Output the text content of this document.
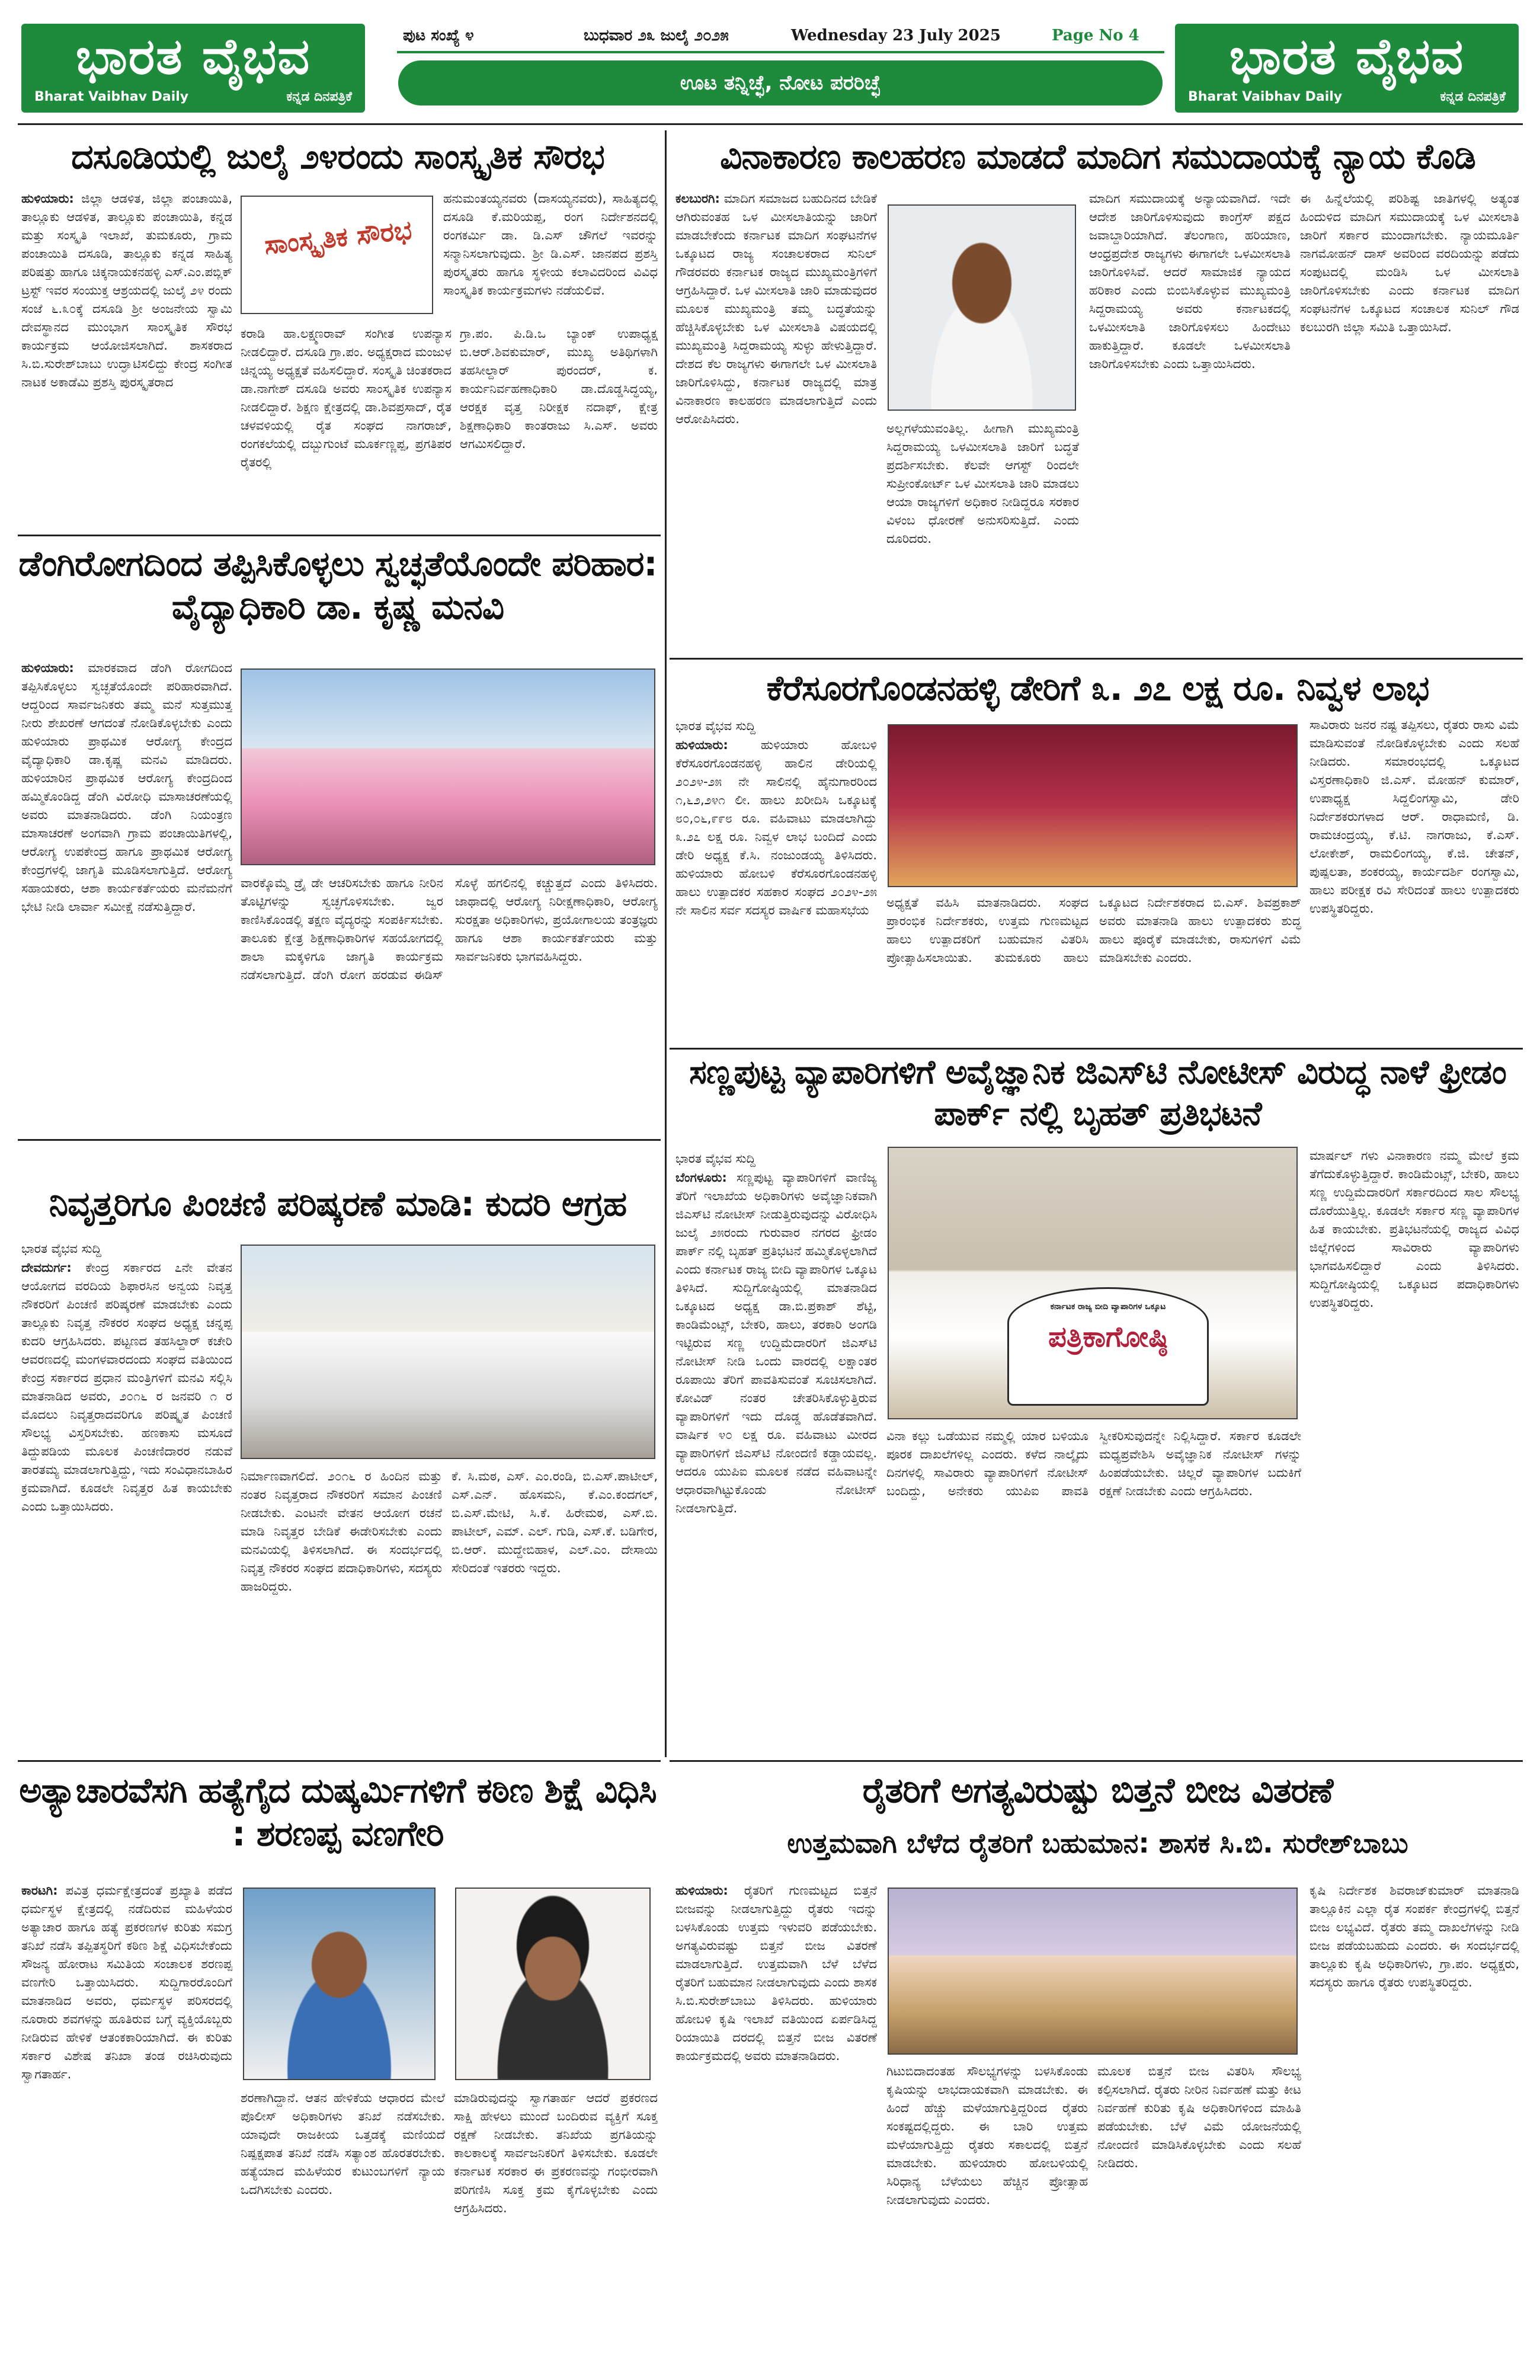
ಭಾರತ ವೈಭವ
Bharat Vaibhav Daily	ಕನ್ನಡ ದಿನಪತ್ರಿಕೆ
ಭಾರತ ವೈಭವ
Bharat Vaibhav Daily	ಕನ್ನಡ ದಿನಪತ್ರಿಕೆ
ಪುಟ ಸಂಖ್ಯೆ ೪	ಬುಧವಾರ ೨೩ ಜುಲೈ ೨೦೨೫	Wednesday 23 July 2025	Page No 4
ಊಟ ತನ್ನಿಚ್ಛೆ, ನೋಟ ಪರರಿಚ್ಛೆ
ದಸೂಡಿಯಲ್ಲಿ ಜುಲೈ ೨೪ರಂದು ಸಾಂಸ್ಕೃತಿಕ ಸೌರಭ
ಹುಳಿಯಾರು: ಜಿಲ್ಲಾ ಆಡಳಿತ, ಜಿಲ್ಲಾ ಪಂಚಾಯಿತಿ, ತಾಲ್ಲೂಕು ಆಡಳಿತ, ತಾಲ್ಲೂಕು ಪಂಚಾಯಿತಿ, ಕನ್ನಡ ಮತ್ತು ಸಂಸ್ಕೃತಿ ಇಲಾಖೆ, ತುಮಕೂರು, ಗ್ರಾಮ ಪಂಚಾಯಿತಿ ದಸೂಡಿ, ತಾಲ್ಲೂಕು ಕನ್ನಡ ಸಾಹಿತ್ಯ ಪರಿಷತ್ತು ಹಾಗೂ ಚಿಕ್ಕನಾಯಕನಹಳ್ಳಿ ಎಸ್.ಎಂ.ಪಬ್ಲಿಕ್ ಟ್ರಸ್ಟ್ ಇವರ ಸಂಯುಕ್ತ ಆಶ್ರಯದಲ್ಲಿ ಜುಲೈ ೨೪ ರಂದು ಸಂಜೆ ೬.೩೦ಕ್ಕೆ ದಸೂಡಿ ಶ್ರೀ ಅಂಜನೇಯ ಸ್ವಾಮಿ ದೇವಸ್ಥಾನದ ಮುಂಭಾಗ ಸಾಂಸ್ಕೃತಿಕ ಸೌರಭ ಕಾರ್ಯಕ್ರಮ ಆಯೋಜಿಸಲಾಗಿದೆ. ಶಾಸಕರಾದ ಸಿ.ಬಿ.ಸುರೇಶ್‌ಬಾಬು ಉದ್ಘಾಟಿಸಲಿದ್ದು ಕೇಂದ್ರ ಸಂಗೀತ ನಾಟಕ ಅಕಾಡೆಮಿ ಪ್ರಶಸ್ತಿ ಪುರಸ್ಕೃತರಾದ
ಸಾಂಸ್ಕೃತಿಕ ಸೌರಭ
ಹನುಮಂತಯ್ಯನವರು (ದಾಸಯ್ಯನವರು), ಸಾಹಿತ್ಯದಲ್ಲಿ ದಸೂಡಿ ಕೆ.ಮರಿಯಪ್ಪ, ರಂಗ ನಿರ್ದೇಶನದಲ್ಲಿ ರಂಗಕರ್ಮಿ ಡಾ. ಡಿ.ಎಸ್ ಚೌಗಲೆ ಇವರನ್ನು ಸನ್ಮಾನಿಸಲಾಗುವುದು. ಶ್ರೀ ಡಿ.ಎಸ್. ಜಾನಪದ ಪ್ರಶಸ್ತಿ ಪುರಸ್ಕೃತರು ಹಾಗೂ ಸ್ಥಳೀಯ ಕಲಾವಿದರಿಂದ ವಿವಿಧ ಸಾಂಸ್ಕೃತಿಕ ಕಾರ್ಯಕ್ರಮಗಳು ನಡೆಯಲಿವೆ.
ಕರಾಡಿ ಹಾ.ಲಕ್ಷ್ಮಣರಾವ್ ಸಂಗೀತ ಉಪನ್ಯಾಸ ನೀಡಲಿದ್ದಾರೆ. ದಸೂಡಿ ಗ್ರಾ.ಪಂ. ಅಧ್ಯಕ್ಷರಾದ ಮಂಜುಳ ಚಿನ್ನಯ್ಯ ಅಧ್ಯಕ್ಷತೆ ವಹಿಸಲಿದ್ದಾರೆ. ಸಂಸ್ಕೃತಿ ಚಿಂತಕರಾದ ಡಾ.ನಾಗೇಶ್ ದಸೂಡಿ ಅವರು ಸಾಂಸ್ಕೃತಿಕ ಉಪನ್ಯಾಸ ನೀಡಲಿದ್ದಾರೆ. ಶಿಕ್ಷಣ ಕ್ಷೇತ್ರದಲ್ಲಿ ಡಾ.ಶಿವಪ್ರಸಾದ್, ರೈತ ಚಳವಳಿಯಲ್ಲಿ ರೈತ ಸಂಘದ ನಾಗರಾಜ್, ರಂಗಕಲೆಯಲ್ಲಿ ದಬ್ಬುಗುಂಟೆ ಮೂರ್ಕಣ್ಣಪ್ಪ, ಪ್ರಗತಿಪರ ರೈತರಲ್ಲಿ
ಗ್ರಾ.ಪಂ. ಪಿ.ಡಿ.ಒ ಬ್ಯಾಂಕ್ ಉಪಾಧ್ಯಕ್ಷ ಬಿ.ಆರ್.ಶಿವಕುಮಾರ್, ಮುಖ್ಯ ಅತಿಥಿಗಳಾಗಿ ತಹಸೀಲ್ದಾರ್ ಪುರಂದರ್, ಕ. ಕಾರ್ಯನಿರ್ವಹಣಾಧಿಕಾರಿ ಡಾ.ದೊಡ್ಡಸಿದ್ಧಯ್ಯ, ಆರಕ್ಷಕ ವೃತ್ತ ನಿರೀಕ್ಷಕ ನದಾಫ್, ಕ್ಷೇತ್ರ ಶಿಕ್ಷಣಾಧಿಕಾರಿ ಕಾಂತರಾಜು ಸಿ.ಎಸ್. ಅವರು ಆಗಮಿಸಲಿದ್ದಾರೆ.
ವಿನಾಕಾರಣ ಕಾಲಹರಣ ಮಾಡದೆ ಮಾದಿಗ ಸಮುದಾಯಕ್ಕೆ ನ್ಯಾಯ ಕೊಡಿ
ಕಲಬುರಗಿ: ಮಾದಿಗ ಸಮಾಜದ ಬಹುದಿನದ ಬೇಡಿಕೆ ಆಗಿರುವಂತಹ ಒಳ ಮೀಸಲಾತಿಯನ್ನು ಜಾರಿಗೆ ಮಾಡಬೇಕೆಂದು ಕರ್ನಾಟಕ ಮಾದಿಗ ಸಂಘಟನೆಗಳ ಒಕ್ಕೂಟದ ರಾಜ್ಯ ಸಂಚಾಲಕರಾದ ಸುನಿಲ್ ಗೌಡರವರು ಕರ್ನಾಟಕ ರಾಜ್ಯದ ಮುಖ್ಯಮಂತ್ರಿಗಳಿಗೆ ಆಗ್ರಹಿಸಿದ್ದಾರೆ. ಒಳ ಮೀಸಲಾತಿ ಜಾರಿ ಮಾಡುವುದರ ಮೂಲಕ ಮುಖ್ಯಮಂತ್ರಿ ತಮ್ಮ ಬದ್ಧತೆಯನ್ನು ಹೆಚ್ಚಿಸಿಕೊಳ್ಳಬೇಕು ಒಳ ಮೀಸಲಾತಿ ವಿಷಯದಲ್ಲಿ ಮುಖ್ಯಮಂತ್ರಿ ಸಿದ್ದರಾಮಯ್ಯ ಸುಳ್ಳು ಹೇಳುತ್ತಿದ್ದಾರೆ. ದೇಶದ ಕೆಲ ರಾಜ್ಯಗಳು ಈಗಾಗಲೇ ಒಳ ಮೀಸಲಾತಿ ಜಾರಿಗೊಳಿಸಿದ್ದು, ಕರ್ನಾಟಕ ರಾಜ್ಯದಲ್ಲಿ ಮಾತ್ರ ವಿನಾಕಾರಣ ಕಾಲಹರಣ ಮಾಡಲಾಗುತ್ತಿದೆ ಎಂದು ಆರೋಪಿಸಿದರು.
ಅಲ್ಲಗಳೆಯುವಂತಿಲ್ಲ. ಹೀಗಾಗಿ ಮುಖ್ಯಮಂತ್ರಿ ಸಿದ್ದರಾಮಯ್ಯ ಒಳಮೀಸಲಾತಿ ಜಾರಿಗೆ ಬದ್ಧತೆ ಪ್ರದರ್ಶಿಸಬೇಕು. ಕೆಲವೇ ಆಗಸ್ಟ್ ರಿಂದಲೇ ಸುಪ್ರೀಂಕೋರ್ಟ್ ಒಳ ಮೀಸಲಾತಿ ಜಾರಿ ಮಾಡಲು ಆಯಾ ರಾಜ್ಯಗಳಿಗೆ ಅಧಿಕಾರ ನೀಡಿದ್ದರೂ ಸರಕಾರ ವಿಳಂಬ ಧೋರಣೆ ಅನುಸರಿಸುತ್ತಿದೆ. ಎಂದು ದೂರಿದರು.
ಮಾದಿಗ ಸಮುದಾಯಕ್ಕೆ ಅನ್ಯಾಯವಾಗಿದೆ. ಇದೇ ಆದೇಶ ಜಾರಿಗೊಳಿಸುವುದು ಕಾಂಗ್ರೆಸ್ ಪಕ್ಷದ ಜವಾಬ್ದಾರಿಯಾಗಿದೆ. ತೆಲಂಗಾಣ, ಹರಿಯಾಣ, ಆಂಧ್ರಪ್ರದೇಶ ರಾಜ್ಯಗಳು ಈಗಾಗಲೇ ಒಳಮೀಸಲಾತಿ ಜಾರಿಗೊಳಿಸಿವೆ. ಆದರೆ ಸಾಮಾಜಿಕ ನ್ಯಾಯದ ಹರಿಕಾರ ಎಂದು ಬಿಂಬಿಸಿಕೊಳ್ಳುವ ಮುಖ್ಯಮಂತ್ರಿ ಸಿದ್ದರಾಮಯ್ಯ ಅವರು ಕರ್ನಾಟಕದಲ್ಲಿ ಒಳಮೀಸಲಾತಿ ಜಾರಿಗೊಳಿಸಲು ಹಿಂದೇಟು ಹಾಕುತ್ತಿದ್ದಾರೆ. ಕೂಡಲೇ ಒಳಮೀಸಲಾತಿ ಜಾರಿಗೊಳಿಸಬೇಕು ಎಂದು ಒತ್ತಾಯಿಸಿದರು.
ಈ ಹಿನ್ನೆಲೆಯಲ್ಲಿ ಪರಿಶಿಷ್ಟ ಜಾತಿಗಳಲ್ಲಿ ಅತ್ಯಂತ ಹಿಂದುಳಿದ ಮಾದಿಗ ಸಮುದಾಯಕ್ಕೆ ಒಳ ಮೀಸಲಾತಿ ಜಾರಿಗೆ ಸರ್ಕಾರ ಮುಂದಾಗಬೇಕು. ನ್ಯಾಯಮೂರ್ತಿ ನಾಗಮೋಹನ್ ದಾಸ್ ಅವರಿಂದ ವರದಿಯನ್ನು ಪಡೆದು ಸಂಪುಟದಲ್ಲಿ ಮಂಡಿಸಿ ಒಳ ಮೀಸಲಾತಿ ಜಾರಿಗೊಳಿಸಬೇಕು ಎಂದು ಕರ್ನಾಟಕ ಮಾದಿಗ ಸಂಘಟನೆಗಳ ಒಕ್ಕೂಟದ ಸಂಚಾಲಕ ಸುನಿಲ್ ಗೌಡ ಕಲಬುರಗಿ ಜಿಲ್ಲಾ ಸಮಿತಿ ಒತ್ತಾಯಿಸಿದೆ.
ಡೆಂಗಿರೋಗದಿಂದ ತಪ್ಪಿಸಿಕೊಳ್ಳಲು ಸ್ವಚ್ಛತೆಯೊಂದೇ ಪರಿಹಾರ: ವೈದ್ಯಾಧಿಕಾರಿ ಡಾ. ಕೃಷ್ಣ ಮನವಿ
ಹುಳಿಯಾರು: ಮಾರಕವಾದ ಡೆಂಗಿ ರೋಗದಿಂದ ತಪ್ಪಿಸಿಕೊಳ್ಳಲು ಸ್ವಚ್ಛತೆಯೊಂದೇ ಪರಿಹಾರವಾಗಿದೆ. ಆದ್ದರಿಂದ ಸಾರ್ವಜನಿಕರು ತಮ್ಮ ಮನೆ ಸುತ್ತಮುತ್ತ ನೀರು ಶೇಖರಣೆ ಆಗದಂತೆ ನೋಡಿಕೊಳ್ಳಬೇಕು ಎಂದು ಹುಳಿಯಾರು ಪ್ರಾಥಮಿಕ ಆರೋಗ್ಯ ಕೇಂದ್ರದ ವೈದ್ಯಾಧಿಕಾರಿ ಡಾ.ಕೃಷ್ಣ ಮನವಿ ಮಾಡಿದರು. ಹುಳಿಯಾರಿನ ಪ್ರಾಥಮಿಕ ಆರೋಗ್ಯ ಕೇಂದ್ರದಿಂದ ಹಮ್ಮಿಕೊಂಡಿದ್ದ ಡೆಂಗಿ ವಿರೋಧಿ ಮಾಸಾಚರಣೆಯಲ್ಲಿ ಅವರು ಮಾತನಾಡಿದರು. ಡೆಂಗಿ ನಿಯಂತ್ರಣ ಮಾಸಾಚರಣೆ ಅಂಗವಾಗಿ ಗ್ರಾಮ ಪಂಚಾಯಿತಿಗಳಲ್ಲಿ, ಆರೋಗ್ಯ ಉಪಕೇಂದ್ರ ಹಾಗೂ ಪ್ರಾಥಮಿಕ ಆರೋಗ್ಯ ಕೇಂದ್ರಗಳಲ್ಲಿ ಜಾಗೃತಿ ಮೂಡಿಸಲಾಗುತ್ತಿದೆ. ಆರೋಗ್ಯ ಸಹಾಯಕರು, ಆಶಾ ಕಾರ್ಯಕರ್ತೆಯರು ಮನೆಮನೆಗೆ ಭೇಟಿ ನೀಡಿ ಲಾರ್ವಾ ಸಮೀಕ್ಷೆ ನಡೆಸುತ್ತಿದ್ದಾರೆ.
ವಾರಕ್ಕೊಮ್ಮೆ ಡ್ರೈ ಡೇ ಆಚರಿಸಬೇಕು ಹಾಗೂ ನೀರಿನ ತೊಟ್ಟಿಗಳನ್ನು ಸ್ವಚ್ಛಗೊಳಿಸಬೇಕು. ಜ್ವರ ಕಾಣಿಸಿಕೊಂಡಲ್ಲಿ ತಕ್ಷಣ ವೈದ್ಯರನ್ನು ಸಂಪರ್ಕಿಸಬೇಕು. ತಾಲೂಕು ಕ್ಷೇತ್ರ ಶಿಕ್ಷಣಾಧಿಕಾರಿಗಳ ಸಹಯೋಗದಲ್ಲಿ ಶಾಲಾ ಮಕ್ಕಳಿಗೂ ಜಾಗೃತಿ ಕಾರ್ಯಕ್ರಮ ನಡೆಸಲಾಗುತ್ತಿದೆ. ಡೆಂಗಿ ರೋಗ ಹರಡುವ ಈಡಿಸ್ ಸೊಳ್ಳೆ ಹಗಲಿನಲ್ಲಿ ಕಚ್ಚುತ್ತದೆ ಎಂದು ತಿಳಿಸಿದರು. ಜಾಥಾದಲ್ಲಿ ಆರೋಗ್ಯ ನಿರೀಕ್ಷಣಾಧಿಕಾರಿ, ಆರೋಗ್ಯ ಸುರಕ್ಷತಾ ಅಧಿಕಾರಿಗಳು, ಪ್ರಯೋಗಾಲಯ ತಂತ್ರಜ್ಞರು ಹಾಗೂ ಆಶಾ ಕಾರ್ಯಕರ್ತೆಯರು ಮತ್ತು ಸಾರ್ವಜನಿಕರು ಭಾಗವಹಿಸಿದ್ದರು.
ಕೆರೆಸೂರಗೊಂಡನಹಳ್ಳಿ ಡೇರಿಗೆ ೩. ೨೭ ಲಕ್ಷ ರೂ. ನಿವ್ವಳ ಲಾಭ
ಭಾರತ ವೈಭವ ಸುದ್ದಿ
ಹುಳಿಯಾರು:	ಹುಳಿಯಾರು ಹೋಬಳಿ ಕೆರೆಸೂರಗೊಂಡನಹಳ್ಳಿ ಹಾಲಿನ ಡೇರಿಯಲ್ಲಿ ೨೦೨೪-೨೫ ನೇ ಸಾಲಿನಲ್ಲಿ ಹೈನುಗಾರರಿಂದ ೧,೬೨,೨೪೧ ಲೀ. ಹಾಲು ಖರೀದಿಸಿ ಒಕ್ಕೂಟಕ್ಕೆ ೮೦,೦೬,೯೯೮ ರೂ. ವಹಿವಾಟು ಮಾಡಲಾಗಿದ್ದು ೩.೨೭ ಲಕ್ಷ ರೂ. ನಿವ್ವಳ ಲಾಭ ಬಂದಿದೆ ಎಂದು ಡೇರಿ ಅಧ್ಯಕ್ಷ ಕೆ.ಸಿ. ನಂಜುಂಡಯ್ಯ ತಿಳಿಸಿದರು. ಹುಳಿಯಾರು ಹೋಬಳಿ ಕೆರೆಸೂರಗೊಂಡನಹಳ್ಳಿ ಹಾಲು ಉತ್ಪಾದಕರ ಸಹಕಾರ ಸಂಘದ ೨೦೨೪-೨೫ ನೇ ಸಾಲಿನ ಸರ್ವ ಸದಸ್ಯರ ವಾರ್ಷಿಕ ಮಹಾಸಭೆಯ
ಅಧ್ಯಕ್ಷತೆ ವಹಿಸಿ ಮಾತನಾಡಿದರು. ಸಂಘದ ಪ್ರಾರಂಭಿಕ ನಿರ್ದೇಶಕರು, ಉತ್ತಮ ಗುಣಮಟ್ಟದ ಹಾಲು ಉತ್ಪಾದಕರಿಗೆ ಬಹುಮಾನ ವಿತರಿಸಿ ಪ್ರೋತ್ಸಾಹಿಸಲಾಯಿತು. ತುಮಕೂರು ಹಾಲು ಒಕ್ಕೂಟದ ನಿರ್ದೇಶಕರಾದ ಬಿ.ಎಸ್. ಶಿವಪ್ರಕಾಶ್ ಅವರು ಮಾತನಾಡಿ ಹಾಲು ಉತ್ಪಾದಕರು ಶುದ್ಧ ಹಾಲು ಪೂರೈಕೆ ಮಾಡಬೇಕು, ರಾಸುಗಳಿಗೆ ವಿಮೆ ಮಾಡಿಸಬೇಕು ಎಂದರು.
ಸಾವಿರಾರು ಜನರ ನಷ್ಟ ತಪ್ಪಿಸಲು, ರೈತರು ರಾಸು ವಿಮೆ ಮಾಡಿಸುವಂತೆ ನೋಡಿಕೊಳ್ಳಬೇಕು ಎಂದು ಸಲಹೆ ನೀಡಿದರು. ಸಮಾರಂಭದಲ್ಲಿ ಒಕ್ಕೂಟದ ವಿಸ್ತರಣಾಧಿಕಾರಿ ಜಿ.ಎಸ್. ಮೋಹನ್ ಕುಮಾರ್, ಉಪಾಧ್ಯಕ್ಷ ಸಿದ್ದಲಿಂಗಸ್ವಾಮಿ, ಡೇರಿ ನಿರ್ದೇಶಕರುಗಳಾದ ಆರ್. ರಾಧಾಮಣಿ, ಡಿ. ರಾಮಚಂದ್ರಯ್ಯ, ಕೆ.ಟಿ. ನಾಗರಾಜು, ಕೆ.ಎಸ್. ಲೋಕೇಶ್, ರಾಮಲಿಂಗಯ್ಯ, ಕೆ.ಜಿ. ಚೇತನ್, ಪುಷ್ಪಲತಾ, ಶಂಕರಯ್ಯ, ಕಾರ್ಯದರ್ಶಿ ರಂಗಸ್ವಾಮಿ, ಹಾಲು ಪರೀಕ್ಷಕ ರವಿ ಸೇರಿದಂತೆ ಹಾಲು ಉತ್ಪಾದಕರು ಉಪಸ್ಥಿತರಿದ್ದರು.
ಸಣ್ಣಪುಟ್ಟ ವ್ಯಾಪಾರಿಗಳಿಗೆ ಅವೈಜ್ಞಾನಿಕ ಜಿಎಸ್‌ಟಿ ನೋಟೀಸ್ ವಿರುದ್ಧ ನಾಳೆ ಫ್ರೀಡಂ ಪಾರ್ಕ್ ನಲ್ಲಿ ಬೃಹತ್ ಪ್ರತಿಭಟನೆ
ಭಾರತ ವೈಭವ ಸುದ್ದಿ
ಬೆಂಗಳೂರು: ಸಣ್ಣಪುಟ್ಟ ವ್ಯಾಪಾರಿಗಳಿಗೆ ವಾಣಿಜ್ಯ ತೆರಿಗೆ ಇಲಾಖೆಯ ಅಧಿಕಾರಿಗಳು ಅವೈಜ್ಞಾನಿಕವಾಗಿ ಜಿಎಸ್‌ಟಿ ನೋಟೀಸ್ ನೀಡುತ್ತಿರುವುದನ್ನು ವಿರೋಧಿಸಿ ಜುಲೈ ೨೫ರಂದು ಗುರುವಾರ ನಗರದ ಫ್ರೀಡಂ ಪಾರ್ಕ್ ನಲ್ಲಿ ಬೃಹತ್ ಪ್ರತಿಭಟನೆ ಹಮ್ಮಿಕೊಳ್ಳಲಾಗಿದೆ ಎಂದು ಕರ್ನಾಟಕ ರಾಜ್ಯ ಬೀದಿ ವ್ಯಾಪಾರಿಗಳ ಒಕ್ಕೂಟ ತಿಳಿಸಿದೆ. ಸುದ್ದಿಗೋಷ್ಠಿಯಲ್ಲಿ ಮಾತನಾಡಿದ ಒಕ್ಕೂಟದ ಅಧ್ಯಕ್ಷ ಡಾ.ಬಿ.ಪ್ರಕಾಶ್ ಶೆಟ್ಟಿ, ಕಾಂಡಿಮೆಂಟ್ಸ್, ಬೇಕರಿ, ಹಾಲು, ತರಕಾರಿ ಅಂಗಡಿ ಇಟ್ಟಿರುವ ಸಣ್ಣ ಉದ್ದಿಮೆದಾರರಿಗೆ ಜಿಎಸ್‌ಟಿ ನೋಟೀಸ್ ನೀಡಿ ಒಂದು ವಾರದಲ್ಲಿ ಲಕ್ಷಾಂತರ ರೂಪಾಯಿ ತೆರಿಗೆ ಪಾವತಿಸುವಂತೆ ಸೂಚಿಸಲಾಗಿದೆ. ಕೋವಿಡ್ ನಂತರ ಚೇತರಿಸಿಕೊಳ್ಳುತ್ತಿರುವ ವ್ಯಾಪಾರಿಗಳಿಗೆ ಇದು ದೊಡ್ಡ ಹೊಡೆತವಾಗಿದೆ. ವಾರ್ಷಿಕ ೪೦ ಲಕ್ಷ ರೂ. ವಹಿವಾಟು ಮೀರದ ವ್ಯಾಪಾರಿಗಳಿಗೆ ಜಿಎಸ್‌ಟಿ ನೋಂದಣಿ ಕಡ್ಡಾಯವಲ್ಲ. ಆದರೂ ಯುಪಿಐ ಮೂಲಕ ನಡೆದ ವಹಿವಾಟನ್ನೇ ಆಧಾರವಾಗಿಟ್ಟುಕೊಂಡು ನೋಟೀಸ್ ನೀಡಲಾಗುತ್ತಿದೆ.
ಕರ್ನಾಟಕ ರಾಜ್ಯ ಬೀದಿ ವ್ಯಾಪಾರಿಗಳ ಒಕ್ಕೂಟ
ಪತ್ರಿಕಾಗೋಷ್ಠಿ
ವಿನಾ ಕಲ್ಲು ಒಡೆಯುವ ನಮ್ಮಲ್ಲಿ ಯಾರ ಬಳಿಯೂ ಪೂರಕ ದಾಖಲೆಗಳಿಲ್ಲ ಎಂದರು. ಕಳೆದ ನಾಲ್ಕೈದು ದಿನಗಳಲ್ಲಿ ಸಾವಿರಾರು ವ್ಯಾಪಾರಿಗಳಿಗೆ ನೋಟೀಸ್ ಬಂದಿದ್ದು, ಅನೇಕರು ಯುಪಿಐ ಪಾವತಿ ಸ್ವೀಕರಿಸುವುದನ್ನೇ ನಿಲ್ಲಿಸಿದ್ದಾರೆ. ಸರ್ಕಾರ ಕೂಡಲೇ ಮಧ್ಯಪ್ರವೇಶಿಸಿ ಅವೈಜ್ಞಾನಿಕ ನೋಟೀಸ್ ಗಳನ್ನು ಹಿಂಪಡೆಯಬೇಕು. ಚಿಲ್ಲರೆ ವ್ಯಾಪಾರಿಗಳ ಬದುಕಿಗೆ ರಕ್ಷಣೆ ನೀಡಬೇಕು ಎಂದು ಆಗ್ರಹಿಸಿದರು.
ಮಾರ್ಷಲ್ ಗಳು ವಿನಾಕಾರಣ ನಮ್ಮ ಮೇಲೆ ಕ್ರಮ ತೆಗೆದುಕೊಳ್ಳುತ್ತಿದ್ದಾರೆ. ಕಾಂಡಿಮೆಂಟ್ಸ್, ಬೇಕರಿ, ಹಾಲು ಸಣ್ಣ ಉದ್ದಿಮೆದಾರರಿಗೆ ಸರ್ಕಾರದಿಂದ ಸಾಲ ಸೌಲಭ್ಯ ದೊರೆಯುತ್ತಿಲ್ಲ. ಕೂಡಲೇ ಸರ್ಕಾರ ಸಣ್ಣ ವ್ಯಾಪಾರಿಗಳ ಹಿತ ಕಾಯಬೇಕು. ಪ್ರತಿಭಟನೆಯಲ್ಲಿ ರಾಜ್ಯದ ವಿವಿಧ ಜಿಲ್ಲೆಗಳಿಂದ ಸಾವಿರಾರು ವ್ಯಾಪಾರಿಗಳು ಭಾಗವಹಿಸಲಿದ್ದಾರೆ ಎಂದು ತಿಳಿಸಿದರು. ಸುದ್ದಿಗೋಷ್ಠಿಯಲ್ಲಿ ಒಕ್ಕೂಟದ ಪದಾಧಿಕಾರಿಗಳು ಉಪಸ್ಥಿತರಿದ್ದರು.
ನಿವೃತ್ತರಿಗೂ ಪಿಂಚಣಿ ಪರಿಷ್ಕರಣೆ ಮಾಡಿ: ಕುದರಿ ಆಗ್ರಹ
ಭಾರತ ವೈಭವ ಸುದ್ದಿ
ದೇವದುರ್ಗ: ಕೇಂದ್ರ ಸರ್ಕಾರದ ೭ನೇ ವೇತನ ಆಯೋಗದ ವರದಿಯ ಶಿಫಾರಸಿನ ಅನ್ವಯ ನಿವೃತ್ತ ನೌಕರರಿಗೆ ಪಿಂಚಣಿ ಪರಿಷ್ಕರಣೆ ಮಾಡಬೇಕು ಎಂದು ತಾಲ್ಲೂಕು ನಿವೃತ್ತ ನೌಕರರ ಸಂಘದ ಅಧ್ಯಕ್ಷ ಚನ್ನಪ್ಪ ಕುದರಿ ಆಗ್ರಹಿಸಿದರು. ಪಟ್ಟಣದ ತಹಸಿಲ್ದಾರ್ ಕಚೇರಿ ಆವರಣದಲ್ಲಿ ಮಂಗಳವಾರದಂದು ಸಂಘದ ವತಿಯಿಂದ ಕೇಂದ್ರ ಸರ್ಕಾರದ ಪ್ರಧಾನ ಮಂತ್ರಿಗಳಿಗೆ ಮನವಿ ಸಲ್ಲಿಸಿ ಮಾತನಾಡಿದ ಅವರು, ೨೦೧೬ ರ ಜನವರಿ ೧ ರ ಮೊದಲು ನಿವೃತ್ತರಾದವರಿಗೂ ಪರಿಷ್ಕೃತ ಪಿಂಚಣಿ ಸೌಲಭ್ಯ ವಿಸ್ತರಿಸಬೇಕು. ಹಣಕಾಸು ಮಸೂದೆ ತಿದ್ದುಪಡಿಯ ಮೂಲಕ ಪಿಂಚಣಿದಾರರ ನಡುವೆ ತಾರತಮ್ಯ ಮಾಡಲಾಗುತ್ತಿದ್ದು, ಇದು ಸಂವಿಧಾನಬಾಹಿರ ಕ್ರಮವಾಗಿದೆ. ಕೂಡಲೇ ನಿವೃತ್ತರ ಹಿತ ಕಾಯಬೇಕು ಎಂದು ಒತ್ತಾಯಿಸಿದರು.
ನಿರ್ಮಾಣವಾಗಲಿದೆ. ೨೦೧೬ ರ ಹಿಂದಿನ ಮತ್ತು ನಂತರ ನಿವೃತ್ತರಾದ ನೌಕರರಿಗೆ ಸಮಾನ ಪಿಂಚಣಿ ನೀಡಬೇಕು. ಎಂಟನೇ ವೇತನ ಆಯೋಗ ರಚನೆ ಮಾಡಿ ನಿವೃತ್ತರ ಬೇಡಿಕೆ ಈಡೇರಿಸಬೇಕು ಎಂದು ಮನವಿಯಲ್ಲಿ ತಿಳಿಸಲಾಗಿದೆ. ಈ ಸಂದರ್ಭದಲ್ಲಿ ನಿವೃತ್ತ ನೌಕರರ ಸಂಘದ ಪದಾಧಿಕಾರಿಗಳು, ಸದಸ್ಯರು ಹಾಜರಿದ್ದರು.
ಕೆ. ಸಿ.ಮಠ, ಎಸ್. ಎಂ.ರಂಡಿ, ಬಿ.ಎಸ್.ಪಾಟೀಲ್, ಎಸ್.ಎನ್. ಹೊಸಮನಿ, ಕೆ.ಎಂ.ಕಂದಗಲ್, ಬಿ.ಎಸ್.ಮೇಟಿ, ಸಿ.ಕೆ. ಹಿರೇಮಠ, ಎಸ್.ಬಿ. ಪಾಟೀಲ್, ಎಮ್. ಎಲ್. ಗುಡಿ, ಎಸ್.ಕೆ. ಬಡಿಗೇರ, ಬಿ.ಆರ್. ಮುದ್ದೇಬಿಹಾಳ, ಎಲ್.ಎಂ. ದೇಸಾಯಿ ಸೇರಿದಂತೆ ಇತರರು ಇದ್ದರು.
ಅತ್ಯಾಚಾರವೆಸಗಿ ಹತ್ಯೆಗೈದ ದುಷ್ಕರ್ಮಿಗಳಿಗೆ ಕಠಿಣ ಶಿಕ್ಷೆ ವಿಧಿಸಿ : ಶರಣಪ್ಪ ವಣಗೇರಿ
ಕಾರಟಗಿ: ಪವಿತ್ರ ಧರ್ಮಕ್ಷೇತ್ರದಂತೆ ಪ್ರಖ್ಯಾತಿ ಪಡೆದ ಧರ್ಮಸ್ಥಳ ಕ್ಷೇತ್ರದಲ್ಲಿ ನಡೆದಿರುವ ಮಹಿಳೆಯರ ಅತ್ಯಾಚಾರ ಹಾಗೂ ಹತ್ಯೆ ಪ್ರಕರಣಗಳ ಕುರಿತು ಸಮಗ್ರ ತನಿಖೆ ನಡೆಸಿ ತಪ್ಪಿತಸ್ಥರಿಗೆ ಕಠಿಣ ಶಿಕ್ಷೆ ವಿಧಿಸಬೇಕೆಂದು ಸೌಜನ್ಯ ಹೋರಾಟ ಸಮಿತಿಯ ಸಂಚಾಲಕ ಶರಣಪ್ಪ ವಣಗೇರಿ ಒತ್ತಾಯಿಸಿದರು. ಸುದ್ದಿಗಾರರೊಂದಿಗೆ ಮಾತನಾಡಿದ ಅವರು, ಧರ್ಮಸ್ಥಳ ಪರಿಸರದಲ್ಲಿ ನೂರಾರು ಶವಗಳನ್ನು ಹೂತಿರುವ ಬಗ್ಗೆ ವ್ಯಕ್ತಿಯೊಬ್ಬರು ನೀಡಿರುವ ಹೇಳಿಕೆ ಆತಂಕಕಾರಿಯಾಗಿದೆ. ಈ ಕುರಿತು ಸರ್ಕಾರ ವಿಶೇಷ ತನಿಖಾ ತಂಡ ರಚಿಸಿರುವುದು ಸ್ವಾಗತಾರ್ಹ.
ಶರಣಾಗಿದ್ದಾನೆ. ಆತನ ಹೇಳಿಕೆಯ ಆಧಾರದ ಮೇಲೆ ಪೊಲೀಸ್ ಅಧಿಕಾರಿಗಳು ತನಿಖೆ ನಡೆಸಬೇಕು. ಯಾವುದೇ ರಾಜಕೀಯ ಒತ್ತಡಕ್ಕೆ ಮಣಿಯದೆ ನಿಷ್ಪಕ್ಷಪಾತ ತನಿಖೆ ನಡೆಸಿ ಸತ್ಯಾಂಶ ಹೊರತರಬೇಕು. ಹತ್ಯೆಯಾದ ಮಹಿಳೆಯರ ಕುಟುಂಬಗಳಿಗೆ ನ್ಯಾಯ ಒದಗಿಸಬೇಕು ಎಂದರು.
ಮಾಡಿರುವುದನ್ನು ಸ್ವಾಗತಾರ್ಹ ಆದರೆ ಪ್ರಕರಣದ ಸಾಕ್ಷಿ ಹೇಳಲು ಮುಂದೆ ಬಂದಿರುವ ವ್ಯಕ್ತಿಗೆ ಸೂಕ್ತ ರಕ್ಷಣೆ ನೀಡಬೇಕು. ತನಿಖೆಯ ಪ್ರಗತಿಯನ್ನು ಕಾಲಕಾಲಕ್ಕೆ ಸಾರ್ವಜನಿಕರಿಗೆ ತಿಳಿಸಬೇಕು. ಕೂಡಲೇ ಕರ್ನಾಟಕ ಸರಕಾರ ಈ ಪ್ರಕರಣವನ್ನು ಗಂಭೀರವಾಗಿ ಪರಿಗಣಿಸಿ ಸೂಕ್ತ ಕ್ರಮ ಕೈಗೊಳ್ಳಬೇಕು ಎಂದು ಆಗ್ರಹಿಸಿದರು.
ರೈತರಿಗೆ ಅಗತ್ಯವಿರುಷ್ಟು ಬಿತ್ತನೆ ಬೀಜ ವಿತರಣೆ
ಉತ್ತಮವಾಗಿ ಬೆಳೆದ ರೈತರಿಗೆ ಬಹುಮಾನ: ಶಾಸಕ ಸಿ.ಬಿ. ಸುರೇಶ್‌ಬಾಬು
ಹುಳಿಯಾರು: ರೈತರಿಗೆ ಗುಣಮಟ್ಟದ ಬಿತ್ತನೆ ಬೀಜವನ್ನು ನೀಡಲಾಗುತ್ತಿದ್ದು ರೈತರು ಇದನ್ನು ಬಳಸಿಕೊಂಡು ಉತ್ತಮ ಇಳುವರಿ ಪಡೆಯಬೇಕು. ಅಗತ್ಯವಿರುವಷ್ಟು ಬಿತ್ತನೆ ಬೀಜ ವಿತರಣೆ ಮಾಡಲಾಗುತ್ತಿದೆ. ಉತ್ತಮವಾಗಿ ಬೆಳೆ ಬೆಳೆದ ರೈತರಿಗೆ ಬಹುಮಾನ ನೀಡಲಾಗುವುದು ಎಂದು ಶಾಸಕ ಸಿ.ಬಿ.ಸುರೇಶ್‌ಬಾಬು ತಿಳಿಸಿದರು. ಹುಳಿಯಾರು ಹೋಬಳಿ ಕೃಷಿ ಇಲಾಖೆ ವತಿಯಿಂದ ಏರ್ಪಡಿಸಿದ್ದ ರಿಯಾಯಿತಿ ದರದಲ್ಲಿ ಬಿತ್ತನೆ ಬೀಜ ವಿತರಣೆ ಕಾರ್ಯಕ್ರಮದಲ್ಲಿ ಅವರು ಮಾತನಾಡಿದರು.
ಗಿಟುಬಿದಾದಂತಹ ಸೌಲಭ್ಯಗಳನ್ನು ಬಳಸಿಕೊಂಡು ಕೃಷಿಯನ್ನು ಲಾಭದಾಯಕವಾಗಿ ಮಾಡಬೇಕು. ಈ ಹಿಂದೆ ಹೆಚ್ಚು ಮಳೆಯಾಗುತ್ತಿದ್ದರಿಂದ ರೈತರು ಸಂಕಷ್ಟದಲ್ಲಿದ್ದರು. ಈ ಬಾರಿ ಉತ್ತಮ ಮಳೆಯಾಗುತ್ತಿದ್ದು ರೈತರು ಸಕಾಲದಲ್ಲಿ ಬಿತ್ತನೆ ಮಾಡಬೇಕು. ಹುಳಿಯಾರು ಹೋಬಳಿಯಲ್ಲಿ ಸಿರಿಧಾನ್ಯ ಬೆಳೆಯಲು ಹೆಚ್ಚಿನ ಪ್ರೋತ್ಸಾಹ ನೀಡಲಾಗುವುದು ಎಂದರು.
ಮೂಲಕ ಬಿತ್ತನೆ ಬೀಜ ವಿತರಿಸಿ ಸೌಲಭ್ಯ ಕಲ್ಪಿಸಲಾಗಿದೆ. ರೈತರು ನೀರಿನ ನಿರ್ವಹಣೆ ಮತ್ತು ಕೀಟ ನಿರ್ವಹಣೆ ಕುರಿತು ಕೃಷಿ ಅಧಿಕಾರಿಗಳಿಂದ ಮಾಹಿತಿ ಪಡೆಯಬೇಕು. ಬೆಳೆ ವಿಮೆ ಯೋಜನೆಯಲ್ಲಿ ನೋಂದಣಿ ಮಾಡಿಸಿಕೊಳ್ಳಬೇಕು ಎಂದು ಸಲಹೆ ನೀಡಿದರು.
ಕೃಷಿ ನಿರ್ದೇಶಕ ಶಿವರಾಜ್‌ಕುಮಾರ್ ಮಾತನಾಡಿ ತಾಲ್ಲೂಕಿನ ಎಲ್ಲಾ ರೈತ ಸಂಪರ್ಕ ಕೇಂದ್ರಗಳಲ್ಲಿ ಬಿತ್ತನೆ ಬೀಜ ಲಭ್ಯವಿದೆ. ರೈತರು ತಮ್ಮ ದಾಖಲೆಗಳನ್ನು ನೀಡಿ ಬೀಜ ಪಡೆಯಬಹುದು ಎಂದರು. ಈ ಸಂದರ್ಭದಲ್ಲಿ ತಾಲ್ಲೂಕು ಕೃಷಿ ಅಧಿಕಾರಿಗಳು, ಗ್ರಾ.ಪಂ. ಅಧ್ಯಕ್ಷರು, ಸದಸ್ಯರು ಹಾಗೂ ರೈತರು ಉಪಸ್ಥಿತರಿದ್ದರು.
